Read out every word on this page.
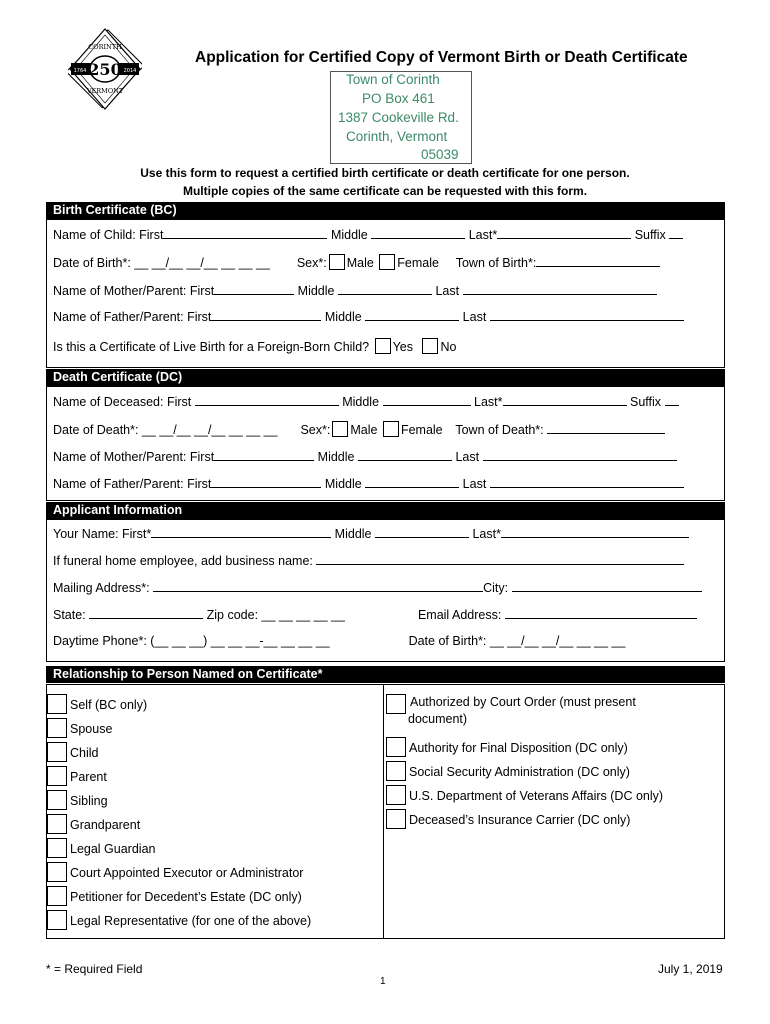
CORINTH
1764	2014
250
VERMONT
Application for Certified Copy of Vermont Birth or Death Certificate
Town of Corinth
PO Box 461
1387 Cookeville Rd.
Corinth, Vermont
05039
Use this form to request a certified birth certificate or death certificate for one person.
Multiple copies of the same certificate can be requested with this form.
Birth Certificate (BC)
Name of Child: First	Middle	Last*	Suffix
Date of Birth*: __ __/__ __/__ __ __ __ Sex*: Male Female Town of Birth*:
Name of Mother/Parent: First	Middle	Last
Name of Father/Parent: First	Middle	Last
Is this a Certificate of Live Birth for a Foreign-Born Child? Yes No
Death Certificate (DC)
Name of Deceased: First	Middle	Last*	Suffix
Date of Death*: __ __/__ __/__ __ __ __ Sex*: Male Female Town of Death*:
Name of Mother/Parent: First	Middle	Last
Name of Father/Parent: First	Middle	Last
Applicant Information
Your Name: First*	Middle	Last*
If funeral home employee, add business name:
Mailing Address*:	City:
State:	Zip code: __ __ __ __ __	Email Address:
Daytime Phone*: (__ __ __) __ __ __-__ __ __ __	Date of Birth*: __ __/__ __/__ __ __ __
Relationship to Person Named on Certificate*
Self (BC only)
Spouse
Child
Parent
Sibling
Grandparent
Legal Guardian
Court Appointed Executor or Administrator
Petitioner for Decedent’s Estate (DC only)
Legal Representative (for one of the above)
Authorized by Court Order (must present
document)
Authority for Final Disposition (DC only)
Social Security Administration (DC only)
U.S. Department of Veterans Affairs (DC only)
Deceased’s Insurance Carrier (DC only)
* = Required Field	July 1, 2019
1
